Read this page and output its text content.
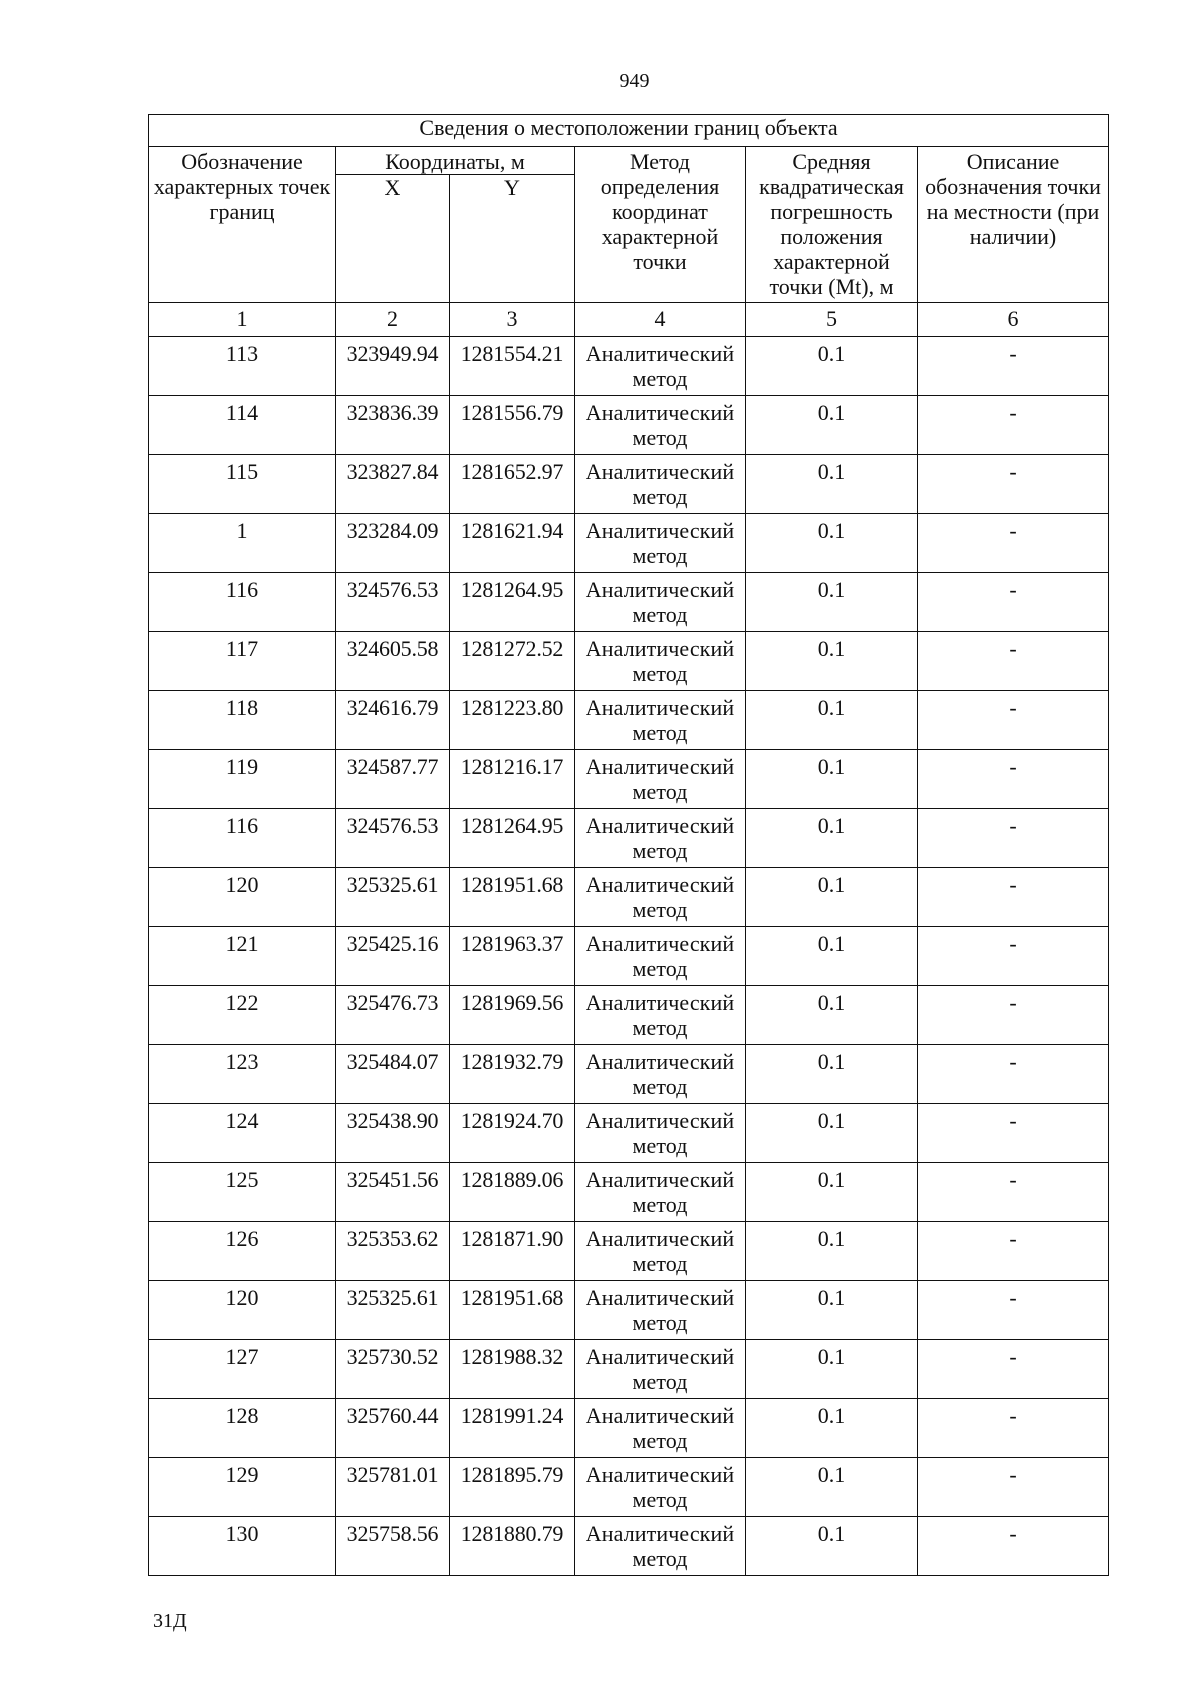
949
Сведения о местоположении границ объекта					
Обозначение характерных точек границ	Координаты, м		Метод определения координат характерной точки	Средняя квадратическая погрешность положения характерной точки (Mt), м	Описание обозначения точки на местности (при наличии)
	X	Y			
1	2	3	4	5	6
113	323949.94	1281554.21	Аналитический метод	0.1	-
114	323836.39	1281556.79	Аналитический метод	0.1	-
115	323827.84	1281652.97	Аналитический метод	0.1	-
1	323284.09	1281621.94	Аналитический метод	0.1	-
116	324576.53	1281264.95	Аналитический метод	0.1	-
117	324605.58	1281272.52	Аналитический метод	0.1	-
118	324616.79	1281223.80	Аналитический метод	0.1	-
119	324587.77	1281216.17	Аналитический метод	0.1	-
116	324576.53	1281264.95	Аналитический метод	0.1	-
120	325325.61	1281951.68	Аналитический метод	0.1	-
121	325425.16	1281963.37	Аналитический метод	0.1	-
122	325476.73	1281969.56	Аналитический метод	0.1	-
123	325484.07	1281932.79	Аналитический метод	0.1	-
124	325438.90	1281924.70	Аналитический метод	0.1	-
125	325451.56	1281889.06	Аналитический метод	0.1	-
126	325353.62	1281871.90	Аналитический метод	0.1	-
120	325325.61	1281951.68	Аналитический метод	0.1	-
127	325730.52	1281988.32	Аналитический метод	0.1	-
128	325760.44	1281991.24	Аналитический метод	0.1	-
129	325781.01	1281895.79	Аналитический метод	0.1	-
130	325758.56	1281880.79	Аналитический метод	0.1	-
31Д
